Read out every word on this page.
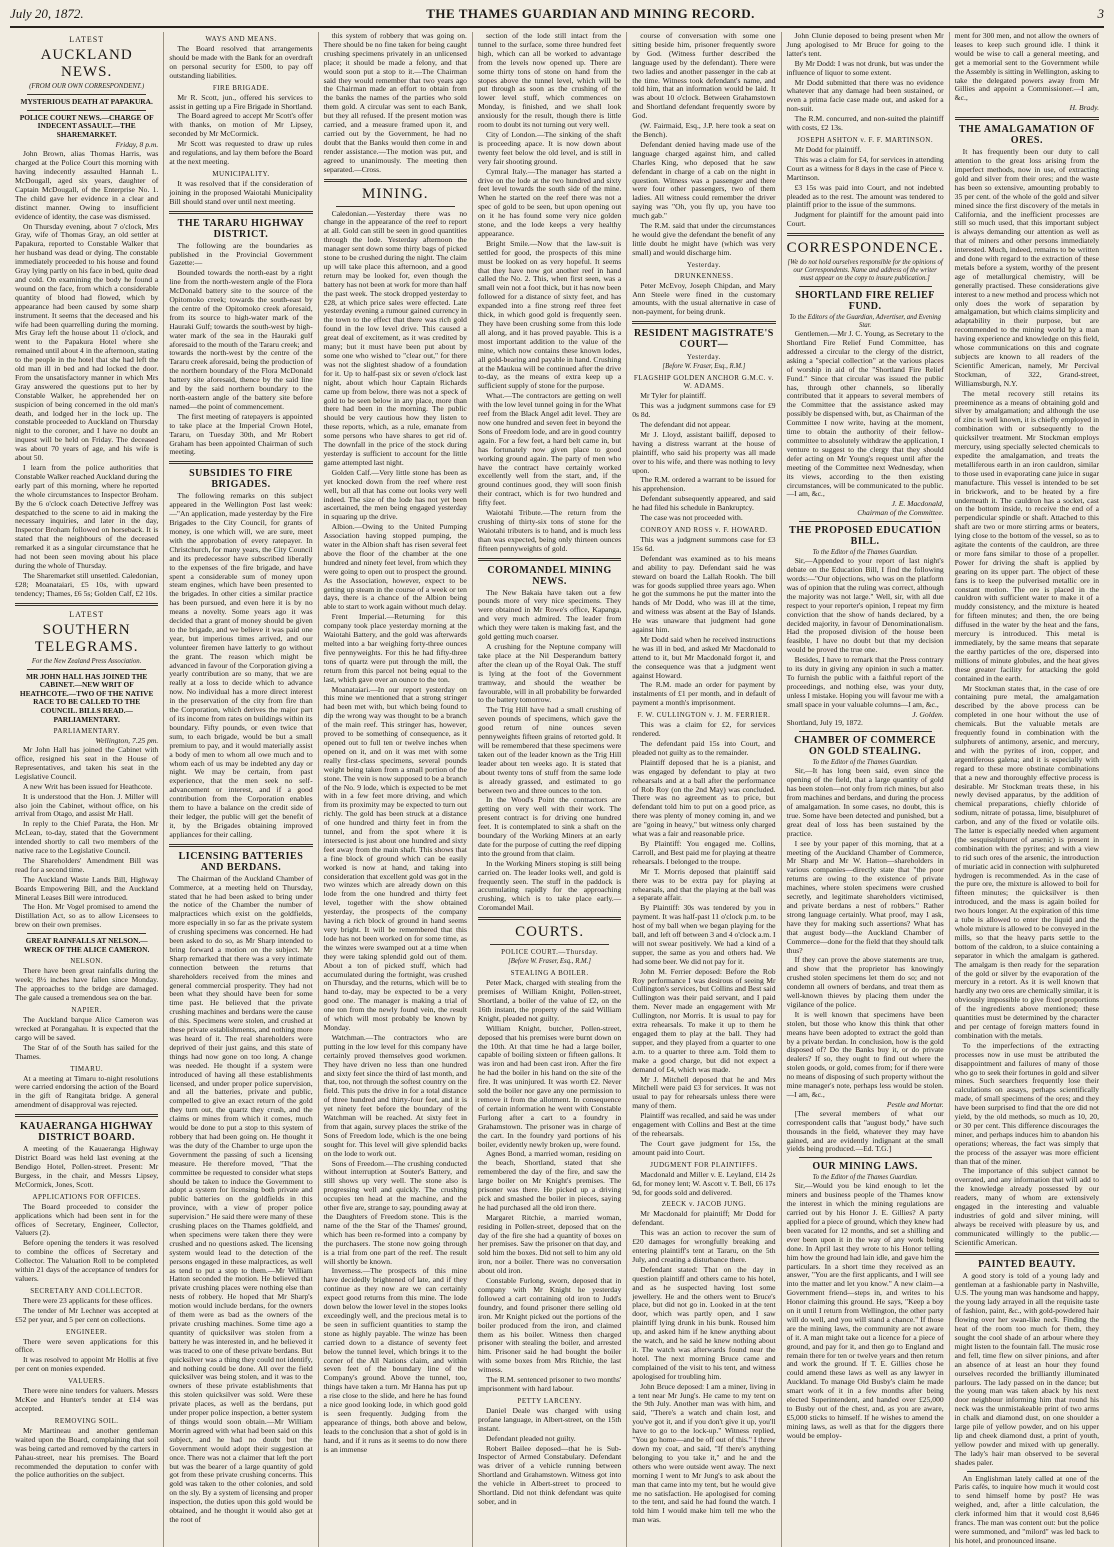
July 20, 1872.	THE THAMES GUARDIAN AND MINING RECORD.	3
LATEST
AUCKLAND NEWS.
(FROM OUR OWN CORRESPONDENT.)
MYSTERIOUS DEATH AT PAPAKURA.
POLICE COURT NEWS.—CHARGE OF INDECENT ASSAULT.—THE SHAREMARKET.
Friday, 8 p.m.

John Brown, alias Thomas Harris, was charged at the Police Court this morning with having indecently assaulted Hannah L. McDougall, aged six years, daughter of Captain McDougall, of the Enterprise No. 1. The child gave her evidence in a clear and distinct manner. Owing to insufficient evidence of identity, the case was dismissed.

On Thursday evening, about 7 o'clock, Mrs Gray, wife of Thomas Gray, an old settler at Papakura, reported to Constable Walker that her husband was dead or dying. The constable immediately proceeded to his house and found Gray lying partly on his face in bed, quite dead and cold. On examining the body he found a wound on the face, from which a considerable quantity of blood had flowed, which by appearance had been caused by some sharp instrument. It seems that the deceased and his wife had been quarrelling during the morning. Mrs Gray left the house about 11 o'clock, and went to the Papakura Hotel where she remained until about 4 in the afternoon, stating to the people in the hotel that she had left the old man ill in bed and had locked the door. From the unsatisfactory manner in which Mrs Gray answered the questions put to her by Constable Walker, he apprehended her on suspicion of being concerned in the old man's death, and lodged her in the lock up. The constable proceeded to Auckland on Thursday night to the coroner, and I have no doubt an inquest will be held on Friday. The deceased was about 70 years of age, and his wife is about 50.

I learn from the police authorities that Constable Walker reached Auckland during the early part of this morning, where he reported the whole circumstances to Inspector Broham. By the 6 o'clock coach Detective Jeffrey was despatched to the scene to aid in making the necessary inquiries, and later in the day, Inspector Broham followed on horseback. It is stated that the neighbours of the deceased remarked it as a singular circumstance that he had not been seen moving about his place during the whole of Thursday.

The Sharemarket still unsettled. Caledonian, £28; Moanataiari, £5 10s, with upward tendency; Thames, £6 5s; Golden Calf, £2 10s.

LATEST
SOUTHERN TELEGRAMS.
For the New Zealand Press Association.
MR JOHN HALL HAS JOINED THE CABINET.—NEW WRIT OF HEATHCOTE.—TWO OF THE NATIVE RACE TO BE CALLED TO THE COUNCIL. BILLS READ.—PARLIAMENTARY.
PARLIAMENTARY.
Wellington, 7.25 pm.

Mr John Hall has joined the Cabinet with office, resigned his seat in the House of Representatives, and taken his seat in the Legislative Council.

A new Writ has been issued for Heathcote.

It is understood that the Hon. J. Miller will also join the Cabinet, without office, on his arrival from Otago, and assist Mr Hall.

In reply to the Chief Parata, the Hon. Mr McLean, to-day, stated that the Government intended shortly to call two members of the native race to the Legislative Council.

The Shareholders' Amendment Bill was read for a second time.

The Auckland Waste Lands Bill, Highway Boards Empowering Bill, and the Auckland Mineral Leases Bill were introduced.

The Hon. Mr Vogel promised to amend the Distillation Act, so as to allow Licensees to brew on their own premises.

GREAT RAINFALLS AT NELSON.—WRECK OF THE ALICE CAMERON.
NELSON.

There have been great rainfalls during the week; 8½ inches have fallen since Monday. The approaches to the bridge are damaged. The gale caused a tremendous sea on the bar.

NAPIER.

The Auckland barque Alice Cameron was wrecked at Porangahau. It is expected that the cargo will be saved.

The Star of of the South has sailed for the Thames.

TIMARU.

At a meeting at Timaru to-night resolutions were carried endorsing the action of the Board in the gift of Rangitata bridge. A general amendment of disapproval was rejected.

KAUAERANGA HIGHWAY DISTRICT BOARD.

A meeting of the Kauaeranga Highway District Board was held last evening at the Bendigo Hotel, Pollen-street. Present: Mr Burgess, in the chair, and Messrs Lipsey, McCormick, Jones, Scott.

APPLICATIONS FOR OFFICES.

The Board proceeded to consider the applications which had been sent in for the offices of Secretary, Engineer, Collector, Valuers (2).

Before opening the tenders it was resolved to combine the offices of Secretary and Collector. The Valuation Roll to be completed within 21 days of the acceptance of tenders for valuers.

SECRETARY AND COLLECTOR.

There were 23 applicants for these offices.

The tender of Mr Lechner was accepted at £52 per year, and 5 per cent on collections.

ENGINEER.

There were seven applications for this office.

It was resolved to appoint Mr Hollis at five per cent on monies expended.

VALUERS.

There were nine tenders for valuers. Messrs McKee and Hunter's tender at £14 was accepted.

REMOVING SOIL.

Mr Martineau and another gentleman waited upon the Board, complaining that soil was being carted and removed by the carters in Pahau-street, near his premises. The Board recommended the deputation to confer with the police authorities on the subject.

WAYS AND MEANS.

The Board resolved that arrangements should be made with the Bank for an overdraft on personal security for £500, to pay off outstanding liabilities.

FIRE BRIGADE.

Mr R. Scott, jun., offered his services to assist in getting up a Fire Brigade in Shortland.

The Board agreed to accept Mr Scott's offer with thanks, on motion of Mr Lipsey, seconded by Mr McCormick.

Mr Scott was requested to draw up rules and regulations, and lay them before the Board at the next meeting.

MUNICIPALITY.

It was resolved that if the consideration of joining in the proposed Waiotahi Municipality Bill should stand over until next meeting.

THE TARARU HIGHWAY DISTRICT.

The following are the boundaries as published in the Provincial Government Gazette:—

Bounded towards the north-east by a right line from the north-western angle of the Flora McDonald battery site to the source of the Opitomoko creek; towards the south-east by the centre of the Opitomoko creek aforesaid, from its source to high-water mark of the Hauraki Gulf; towards the south-west by high-water mark of the sea in the Hauraki gulf aforesaid to the mouth of the Tararu creek; and towards the north-west by the centre of the Tararu creek aforesaid, being the production of the northern boundary of the Flora McDonald battery site aforesaid, thence by the said line and by the said northern boundary to the north-eastern angle of the battery site before named—the point of commencement.

The first meeting of ratepayers is appointed to take place at the Imperial Crown Hotel, Tararu, on Tuesday 30th, and Mr Robert Graham has been appointed Chairman of such meeting.

SUBSIDIES TO FIRE BRIGADES.

The following remarks on this subject appeared in the Wellington Post last week:—"An application, made yesterday by the Fire Brigades to the City Council, for grants of money, is one which will, we are sure, meet with the approbation of every ratepayer. In Christchurch, for many years, the City Council and its predecessor have subscribed liberally to the expenses of the fire brigade, and have spent a considerable sum of money upon steam engines, which have been presented to the brigades. In other cities a similar practice has been pursued, and even here it is by no means a novelty. Some years ago it was decided that a grant of money should be given to the brigade, and we believe it was paid one year, but imperious times arrived, and our volunteer firemen have latterly to go without the grant. The reason which might be advanced in favour of the Corporation giving a yearly contribution are so many, that we are really at a loss to decide which to advance now. No individual has a more direct interest in the preservation of the city from fire than the Corporation, which derives the major part of its income from rates on buildings within its boundary. Fifty pounds, or even twice that sum, to each brigade, would be but a small premium to pay, and it would materially assist a body of men to whom all owe much and to whom each of us may be indebted any day or night. We may be certain, from past experience, that the men seek no self-advancement or interest, and if a good contribution from the Corporation enables them to have a balance on the credit side of their ledger, the public will get the benefit of it, by the Brigades obtaining improved appliances for their calling.

LICENSING BATTERIES AND BERDANS.

The Chairman of the Auckland Chamber of Commerce, at a meeting held on Thursday, stated that he had been asked to bring under the notice of the Chamber the number of malpractices which exist on the goldfields, more especially in so far as the private system of crushing specimens was concerned. He had been asked to do so, as Mr Sharp intended to bring forward a motion on the subject. Mr Sharp remarked that there was a very intimate connection between the returns that shareholders received from the mines and general commercial prosperity. They had not been what they should have been for some time past. He believed that the private crushing machines and berdans were the cause of this. Specimens were stolen, and crushed at these private establishments, and nothing more was heard of it. The real shareholders were deprived of their just gains, and this state of things had now gone on too long. A change was needed. He thought if a system were introduced of having all these establishments licensed, and under proper police supervision, and all the batteries, private and public, compelled to give an exact return of the gold they turn out, the quartz they crush, and the claims or mines from which it comes, much would be done to put a stop to this system of robbery that had been going on. He thought it was the duty of the Chamber to urge upon the Government the passing of such a licensing measure. He therefore moved, "That the committee be requested to consider what steps should be taken to induce the Government to adopt a system for licensing both private and public batteries on the goldfields in this province, with a view of proper police supervision." He said there were many of these crushing places on the Thames goldfield, and when specimens were taken there they were crushed and no questions asked. The licensing system would lead to the detection of the persons engaged in these malpractices, as well as tend to put a stop to them.—Mr William Hatton seconded the motion. He believed that private crushing places were nothing else than nests of robbery. He hoped that Mr Sharp's motion would include berdans, for the owners of them were as bad as the owners of the private crushing machines. Some time ago a quantity of quicksilver was stolen from a battery he was interested in, and he believed it was traced to one of these private berdans. But quicksilver was a thing they could not identify, and nothing could be done. All over the field quicksilver was being stolen, and it was to the owners of these private establishments that this stolen quicksilver was sold. Were these private places, as well as the berdans, put under proper police inspection, a better system of things would soon obtain.—Mr William Morrin agreed with what had been said on this subject, and he had no doubt but the Government would adopt their suggestion at once. There was not a claimer that left the port but was the bearer of a large quantity of gold got from these private crushing concerns. This gold was taken to the other colonies, and sold on the sly. By a system of licensing and proper inspection, the duties upon this gold would be obtained, and he thought it would also get at the root of

this system of robbery that was going on. There should be no fine taken for being caught crushing specimens privately in an unlicensed place; it should be made a felony, and that would soon put a stop to it.—The Chairman said they would remember that two years ago the Chairman made an effort to obtain from the banks the names of the parties who sold them gold. A circular was sent to each Bank, but they all refused. If the present motion was carried, and a measure framed upon it, and carried out by the Government, he had no doubt that the Banks would then come in and render assistance.—The motion was put, and agreed to unanimously. The meeting then separated.—Cross.

MINING.

Caledonian.—Yesterday there was no change in the appearance of the reef to report at all. Gold can still be seen in good quantities through the lode. Yesterday afternoon the manager sent down some thirty bags of picked stone to be crushed during the night. The claim up will take place this afternoon, and a good return may be looked for, even though the battery has not been at work for more than half the past week. The stock dropped yesterday to £28, at which price sales were effected. Late yesterday evening a rumour gained currency in the town to the effect that there was rich gold found in the low level drive. This caused a great deal of excitement, as it was credited by many; but it must have been put about by some one who wished to "clear out," for there was not the slightest shadow of a foundation for it. Up to half-past six or seven o'clock last night, about which hour Captain Richards came up from below, there was not a speck of gold to be seen below in any place, more than there had been in the morning. The public should be very cautious how they listen to these reports, which, as a rule, emanate from some persons who have shares to get rid of. The downfall in the price of the stock during yesterday is sufficient to account for the little game attempted last night.

Golden Calf.—Very little stone has been as yet knocked down from the reef where rest well, but all that has come out looks very well indeed. The size of the lode has not yet been ascertained, the men being engaged yesterday in squaring up the drive.

Albion.—Owing to the United Pumping Association having stopped pumping, the water in the Albion shaft has risen several feet above the floor of the chamber at the one hundred and ninety feet level, from which they were going to open out to prospect the ground. As the Association, however, expect to be getting up steam in the course of a week or ten days, there is a chance of the Albion being able to start to work again without much delay.

Frent Imperial.—Returning for this company took place yesterday morning at the Waiotahi Battery, and the gold was afterwards melted into a bar weighing forty-three ounces five pennyweights. For this he had fifty-three tons of quartz were put through the mill, the return from this parcel not being equal to the last, which gave over an ounce to the ton.

Moanataiari.—In our report yesterday on this mine we mentioned that a strong stringer had been met with, but which being found to dip the wrong way was thought to be a branch of the main reef. This stringer has, however, proved to be something of consequence, as it opened out to full ten or twelve inches when opened on it, and on it was met with some really first-class specimens, several pounds weight being taken from a small portion of the stone. The vein is now supposed to be a branch of the No. 9 lode, which is expected to be met with in a few feet more driving, and which from its proximity may be expected to turn out richly. The gold has been struck at a distance of one hundred and thirty feet in from the tunnel, and from the spot where it is intersected is just about one hundred and sixty feet away from the main shaft. This shows that a fine block of ground which can be easily worked is now at hand, and taking into consideration that excellent gold was got in the two winzes which are already down on this lode from the one hundred and thirty feet level, together with the show obtained yesterday, the prospects of the company having a rich block of ground in hand seems very bright. It will be remembered that this lode has not been worked on for some time, as the winzes were swamped out at a time when they were taking splendid gold out of them. About a ton of picked stuff, which had accumulated during the fortnight, was crushed on Thursday, and the returns, which will be to hand to-day, may be expected to be a very good one. The manager is making a trial of one ton from the newly found vein, the result of which will most probably be known by Monday.

Watchman.—The contractors who are putting in the low level for this company have certainly proved themselves good workmen. They have driven no less than one hundred and sixty feet since the third of last month, and that, too, not through the softest country on the field. This puts the drive in for a total distance of three hundred and thirty-four feet, and it is yet ninety feet before the boundary of the Watchman will be reached. At sixty feet in from that again, survey places the strike of the Sons of Freedom lode, which is the one being sought for. This level will give splendid backs on the lode to work out.

Sons of Freedom.—The crushing conducted without interruption at Souter's Battery, and still shows up very well. The stone also is progressing well and quickly. The crushing occupies ten head at the machine, and the other five are, strange to say, pounding away at the Daughters of Freedom stone. This is the name of the the Star of the Thames' ground, which has been re-formed into a company by the purchasers. The stone now going through is a trial from one part of the reef. The result will shortly be known.

Inverness.—The prospects of this mine have decidedly brightened of late, and if they continue as they now are we can certainly expect good returns from this mine. The lode down below the lower level in the stopes looks exceedingly well, and the precious metal is to be seen in sufficient quantities to stamp the stone as highly payable. The winze has been carried down to a distance of seventy feet below the tunnel level, which brings it to the corner of the All Nations claim, and within seven feet of the boundary line of the Company's ground. Above the tunnel, too, things have taken a turn. Mr Hanna has put up a rise close to the slide, and here he has found a nice good looking lode, in which good gold is seen frequently. Judging from the appearance of things, both above and below, leads to the conclusion that a shot of gold is in hand, and if it runs as it seems to do now there is an immense

section of the lode still intact from the tunnel to the surface, some three hundred feet high, which can all be worked to advantage from the levels now opened up. There are some thirty tons of stone on hand from the stopes above the tunnel level, which will be put through as soon as the crushing of the lower level stuff, which commences on Monday, is finished, and we shall look anxiously for the result, though there is little room to doubt its not turning out very well.

City of London.—The sinking of the shaft is proceeding apace. It is now down about twenty feet below the old level, and is still in very fair shooting ground.

Cymral Italy.—The manager has started a drive on the lode at the two hundred and sixty feet level towards the south side of the mine. When he started on the reef there was not a spec of gold to be seen, but upon opening out on it he has found some very nice golden stone, and the lode keeps a very healthy appearance.

Bright Smile.—Now that the law-suit is settled for good, the prospects of this mine must be looked on as very hopeful. It seems that they have now got another reef in hand called the No. 2. This, when first seen, was a small vein not a foot thick, but it has now been followed for a distance of sixty feet, and has expanded into a fine strong reef three feet thick, in which good gold is frequently seen. They have been crushing some from this lode all along, and it has proved payable. This is a most important addition to the value of the mine, which now contains these known lodes, all gold-bearing and payable in hand. Crushing at the Maukua will be continued after the drive to-day, as the means of extra keep up a sufficient supply of stone for the purpose.

What.—The contractors are getting on well with the low level tunnel going in for the What reef from the Black Angel adit level. They are now one hundred and seven feet in beyond the Sons of Freedom lode, and are in good country again. For a few feet, a hard belt came in, but has fortunately now given place to good working ground again. The party of men who have the contract have certainly worked excellently well from the start, and, if the ground continues good, they will soon finish their contract, which is for two hundred and fifty feet.

Waiotahi Tribute.—The return from the crushing of thirty-six tons of stone for the Waiotahi tributers is to hand, and is much less than was expected, being only thirteen ounces fifteen pennyweights of gold.

COROMANDEL MINING NEWS.

The New Bakaia have taken out a few pounds more of very nice specimens. They were obtained in Mr Rowe's office, Kapanga, and very much admired. The leader from which they were taken is making fast, and the gold getting much coarser.

A crushing for the Neptune company will take place at the Nil Desperandum battery after the clean up of the Royal Oak. The stuff is lying at the foot of the Government tramway, and should the weather be favourable, will in all probability be forwarded to the battery tomorrow.

The Trig Hill have had a small crushing of seven pounds of specimens, which gave the good return of nine ounces seven pennyweights fifteen grains of retorted gold. It will be remembered that these specimens were taken out of the leader known as the Trig Hill leader about ten weeks ago. It is stated that about twenty tons of stuff from the same lode is already grassed, and estimated to go between two and three ounces to the ton.

In the Wood's Point the contractors are getting on very well with their work. The present contract is for driving one hundred feet. It is contemplated to sink a shaft on the boundary of the Working Miners at an early date for the purpose of cutting the reef dipping into the ground from that claim.

In the Working Miners stoping is still being carried on. The leader looks well, and gold is frequently seen. The stuff in the paddock is accumulating rapidly for the approaching crushing, which is to take place early.—Coromandel Mail.

COURTS.
POLICE COURT.—Thursday.
[Before W. Fraser, Esq., R.M.]
STEALING A BOILER.

Peter Mack, charged with stealing from the premises of William Knight, Pollen-street, Shortland, a boiler of the value of £2, on the 16th instant, the property of the said William Knight, pleaded not guilty.

William Knight, butcher, Pollen-street, deposed that his premises were burnt down on the 10th. At that time he had a large boiler, capable of boiling sixteen or fifteen gallons. It was iron and had been cast iron. After the fire he had the boiler in his hand on the site of the fire. It was uninjured. It was worth £2. Never sold the boiler nor gave any one permission to remove it from the allotment. In consequence of certain information he went with Constable Furlong after a cart to a foundry in Grahamstown. The prisoner was in charge of the cart. In the foundry yard portions of his boiler, evidently newly broken up, were found.

Agnes Bond, a married woman, residing on the beach, Shortland, stated that she remembered the day of the fire, and saw the large boiler on Mr Knight's premises. The prisoner was there. He picked up a driving pick and smashed the boiler in pieces, saying he had purchased all the old iron there.

Margaret Ritchie, a married woman, residing in Pollen-street, deposed that on the day of the fire she had a quantity of boxes on her premises. Saw the prisoner on that day, and sold him the boxes. Did not sell to him any old iron, nor a boiler. There was no conversation about old iron.

Constable Furlong, sworn, deposed that in company with Mr Knight he yesterday followed a cart containing old iron to Judd's foundry, and found prisoner there selling old iron. Mr Knight picked out the portions of the boiler produced from the iron, and claimed them as his boiler. Witness then charged prisoner with stealing the boiler, and arrested him. Prisoner said he had bought the boiler with some boxes from Mrs Ritchie, the last witness.

The R.M. sentenced prisoner to two months' imprisonment with hard labour.

PETTY LARCENY.

Daniel Deale was charged with using profane language, in Albert-street, on the 15th instant.

Defendant pleaded not guilty.

Robert Bailee deposed—that he is Sub-Inspector of Armed Constabulary. Defendant was driver of a vehicle running between Shortland and Grahamstown. Witness got into the vehicle in Albert-street to proceed to Shortland. Did not think defendant was quite sober, and in

course of conversation with some one sitting beside him, prisoner frequently swore by God. (Witness further described the language used by the defendant). There were two ladies and another passenger in the cab at the time. Witness took defendant's name, and told him, that an information would be laid. It was about 10 o'clock. Between Grahamstown and Shortland defendant frequently swore by God.

(W. Fairmaid, Esq., J.P. here took a seat on the Bench).

Defendant denied having made use of the language charged against him, and called Charles King, who deposed that he saw defendant in charge of a cab on the night in question. Witness was a passenger and there were four other passengers, two of them ladies. All witness could remember the driver saying was "Oh, you fly up, you have too much gab."

The R.M. said that under the circumstances he would give the defendant the benefit of any little doubt he might have (which was very small) and would discharge him.

Yesterday.
DRUNKENNESS.

Peter McEvoy, Joseph Chipdan, and Mary Ann Steele were fined in the customary amounts, with the usual alternative in case of non-payment, for being drunk.

RESIDENT MAGISTRATE'S COURT—
Yesterday.
[Before W. Fraser, Esq., R.M.]
FLAGSHIP GOLDEN ANCHOR G.M.C. v. W. ADAMS.

Mr Tyler for plaintiff.

This was a judgment summons case for £9 0s 8d.

The defendant did not appear.

Mr J. Lloyd, assistant bailiff, deposed to having a distress warrant at the house of plaintiff, who said his property was all made over to his wife, and there was nothing to levy upon.

The R.M. ordered a warrant to be issued for his apprehension.

Defendant subsequently appeared, and said he had filed his schedule in Bankruptcy.

The case was not proceeded with.

CONROY AND ROSS v. F. HOWARD.

This was a judgment summons case for £3 15s 6d.

Defendant was examined as to his means and ability to pay. Defendant said he was steward on board the Lallah Rookh. The bill was for goods supplied three years ago. When he got the summons he put the matter into the hands of Mr Dodd, who was ill at the time, and witness was absent at the Bay of Islands. He was unaware that judgment had gone against him.

Mr Dodd said when he received instructions he was ill in bed, and asked Mr Macdonald to attend to it, but Mr Macdonald forgot it, and the consequence was that a judgment went against Howard.

The R.M. made an order for payment by instalments of £1 per month, and in default of payment a month's imprisonment.

F. W. CULLINGTON v. J. M. FERRIER.

This was a claim for £2, for services rendered.

The defendant paid 15s into Court, and pleaded not guilty as to the remainder.

Plaintiff deposed that he is a pianist, and was engaged by defendant to play at two rehearsals and at a ball after the performance of Rob Roy (on the 2nd May) was concluded. There was no agreement as to price, but defendant told him to put on a good price, as there was plenty of money coming in, and we are "going in heavy," but witness only charged what was a fair and reasonable price.

By Plaintiff: You engaged me. Collins, Carroll, and Best paid me for playing at theatre rehearsals. I belonged to the troupe.

Mr T. Morris deposed that plaintiff said there was to be extra pay for playing at rehearsals, and that the playing at the ball was a separate affair.

By Plaintiff: 30s was tendered by you in payment. It was half-past 11 o'clock p.m. to be host of my ball when we began playing for the ball, and left off between 3 and 4 o'clock a.m. I will not swear positively. We had a kind of a supper, the same as you and others had. We had some beer. We did not pay for it.

John M. Ferrier deposed: Before the Rob Roy performance I was desirous of seeing Mr Cullington's services, but Collins and Best said Cullington was their paid servant, and I paid them. Never made an engagement with Mr Cullington, nor Morris. It is usual to pay for extra rehearsals. To make it up to them he engaged them to play at the ball. They had supper, and they played from a quarter to one a.m. to a quarter to three a.m. Told them to make a good charge, but did not expect a demand of £4, which was made.

Mr J. Mitchell deposed that he and Mrs Mitchell were paid £3 for services. It was not usual to pay for rehearsals unless there were many of them.

Plaintiff was recalled, and said he was under engagement with Collins and Best at the time of the rehearsals.

The Court gave judgment for 15s, the amount paid into Court.

JUDGMENT FOR PLAINTIFFS.

Macdonald and Miller v. E. Leyland, £14 2s 6d, for money lent; W. Ascott v. T. Bell, £6 17s 9d, for goods sold and delivered.

ZEECK v. JACOB JUNG.

Mr Macdonald for plaintiff; Mr Dodd for defendant.

This was an action to recover the sum of £20 damages for wrongfully breaking and entering plaintiff's tent at Tararu, on the 5th July, and creating a disturbance there.

Defendant stated: That on the day in question plaintiff and others came to his hotel, and as he suspected having lost some jewellery. He and the others went to Bruce's place, but did not go in. Looked in at the tent door, which was partly open, and I saw plaintiff lying drunk in his bunk. Roused him up, and asked him if he knew anything about the watch, and he said he knew nothing about it. The watch was afterwards found near the hotel. The next morning Bruce came and complained of the visit to his tent, and witness apologised for troubling him.

John Bruce deposed: I am a miner, living in a tent near Mr Jung's. He came to my tent on the 9th July. Another man was with him, and said, "There's a watch and chain lost, and you've got it, and if you don't give it up, you'll have to go to the lock-up." Witness replied, "You go home—and be off out of this." I threw down my coat, and said, "If there's anything belonging to you take it," and he and the others who were outside went away. The next morning I went to Mr Jung's to ask about the man that came into my tent, but he would give me no satisfaction. He apologised for coming to the tent, and said he had found the watch. I told him I would make him tell me who the man was.

John Clunie deposed to being present when Mr Jung apologised to Mr Bruce for going to the latter's tent.

By Mr Dodd: I was not drunk, but was under the influence of liquor to some extent.

Mr Dodd submitted that there was no evidence whatever that any damage had been sustained, or even a prima facie case made out, and asked for a non-suit.

The R.M. concurred, and non-suited the plaintiff with costs, £2 13s.

JOSEPH ASHTON v. F. F. MARTINSON.

Mr Dodd for plaintiff.

This was a claim for £4, for services in attending Court as a witness for 8 days in the case of Piece v. Martinson.

£3 15s was paid into Court, and not indebted pleaded as to the rest. The amount was tendered to plaintiff prior to the issue of the summons.

Judgment for plaintiff for the amount paid into Court.

CORRESPONDENCE.
[We do not hold ourselves responsible for the opinions of our Correspondents. Name and address of the writer must appear on the copy to insure publication.]
SHORTLAND FIRE RELIEF FUND.
To the Editors of the Guardian, Advertiser, and Evening Star.

Gentlemen.—Mr J. C. Young, as Secretary to the Shortland Fire Relief Fund Committee, has addressed a circular to the clergy of the district, asking a "special collection" at the various places of worship in aid of the "Shortland Fire Relief Fund." Since that circular was issued the public has, through other channels, so liberally contributed that it appears to several members of the Committee that the assistance asked may possibly be dispensed with, but, as Chairman of the Committee I now write, having at the moment, time to obtain the authority of their fellow-committee to absolutely withdraw the application, I venture to suggest to the clergy that they should defer acting on Mr Young's request until after the meeting of the Committee next Wednesday, when its views, according to the then existing circumstances, will be communicated to the public.—I am, &c.,

J. E. Macdonald,
Chairman of the Committee.
THE PROPOSED EDUCATION BILL.
To the Editor of the Thames Guardian.

Sir,—Appended to your report of last night's debate on the Education Bill, I find the following words:—"Our objections, who was on the platform was of opinion that the ruling was correct, although the majority was not large." Well, sir, with all due respect to your reporter's opinion, I repeat my firm conviction that the show of hands declared, by a decided majority, in favour of Denominationalism. Had the proposed division of the house been feasible, I have no doubt but that my decision would be proved the true one.

Besides, I have to remark that the Press contrary to its duty in giving any opinion in such a matter. To furnish the public with a faithful report of the proceedings, and nothing else, was your duty, unless I mistake. Hoping you will favour me with a small space in your valuable columns—I am, &c.,

J. Golden.

Shortland, July 19, 1872.

CHAMBER OF COMMERCE ON GOLD STEALING.
To the Editor of the Thames Guardian.

Sir,—It has long been said, even since the opening of the field, that a large quantity of gold has been stolen—not only from rich mines, but also from machines and berdans, and during the process of amalgamation. In some cases, no doubt, this is true. Some have been detected and punished, but a great deal of loss has been sustained by the practice.

I see by your paper of this morning, that at a meeting of the Auckland Chamber of Commerce, Mr Sharp and Mr W. Hatton—shareholders in various companies—directly state that "the poor returns are owing to the existence of private machines, where stolen specimens were crushed secretly, and legitimate shareholders victimised, and private berdans a nest of robbers." Rather strong language certainly. What proof, may I ask, have they for making such assertions? What has that august body—the Auckland Chamber of Commerce—done for the field that they should talk thus?

If they can prove the above statements are true, and show that the proprietor has knowingly crushed stolen specimens let them do so; and not condemn all owners of berdans, and treat them as well-known thieves by placing them under the vigilance of the police.

It is well known that specimens have been stolen, but those who know this think that other means have been adopted to extract the gold than by a private berdan. In conclusion, how is the gold disposed of? Do the Banks buy it, or do private dealers? If so, they ought to find out where the stolen goods, or gold, comes from; for if there were no means of disposing of such property without the mine manager's note, perhaps less would be stolen.—I am, &c.,

Pestle and Mortar.

[The several members of what our correspondent calls that "august body," have such thousands in the field, whatever they may have gained, and are evidently indignant at the small yields being produced.—Ed. T.G.]

OUR MINING LAWS.
To the Editor of the Thames Guardian.

Sir,—Would you be kind enough to let the miners and business people of the Thames know the interest in which the mining regulations are carried out by his Honor J. E. Gillies? A party applied for a piece of ground, which they knew had been vacated for 12 months, and set a shilling and ever been upon it in the way of any work being done. In April last they wrote to his Honor telling him how the ground had lain idle, and gave him the particulars. In a short time they received as an answer, "You are the first applicants, and I will see into the matter and let you know." A new claim—a Government friend—steps in, and writes to his Honor claiming this ground. He says, "Keep a boy on it until I return from Wellington, the other party will do well, and you will stand a chance." If those are the mining laws, the community are not aware of it. A man might take out a licence for a piece of ground, and pay for it, and then go to England and remain there for ten or twelve years and then return and work the ground. If T. E. Gillies chose he could amend these laws as well as any lawyer in Auckland. To manage Old Busby's claim he made smart work of it in a few months after being elected Superintendent, and handed over £25,000 to Busby out of the chest, and, as you are aware, £5,000 sticks to himself. If he wishes to amend the mining laws, as well as that for the diggers there would be employ-

ment for 300 men, and not allow the owners of leases to keep such ground idle. I think it would be wise to call a general meeting, and get a memorial sent to the Government while the Assembly is sitting in Wellington, asking to take the delegated powers away from Mr Gillies and appoint a Commissioner.—I am, &c.,

H. Brady.
THE AMALGAMATION OF ORES.

It has frequently been our duty to call attention to the great loss arising from the imperfect methods, now in use, of extracting gold and silver from their ores; and the waste has been so extensive, amounting probably to 35 per cent. of the whole of the gold and silver mined since the first discovery of the metals in California, and the inefficient processes are still so much used, that this important subject is always demanding our attention as well as that of miners and other persons immediately interested. Much, indeed, remains to be written and done with regard to the extraction of these metals before a system, worthy of the present age of metallurgical chemistry, will be generally practised. These considerations give interest to a new method and process which not only does the work of separation by amalgamation, but which claims simplicity and adaptability in their purpose, but are recommended to the mining world by a man having experience and knowledge on this field, whose communications on this and cognate subjects are known to all readers of the Scientific American, namely, Mr Percival Stockman, of 322, Grand-street, Williamsburgh, N.Y.

The metal recovery still retains its preeminence as a means of obtaining gold and silver by amalgamation; and although the use of zinc is well known, it is chiefly employed in combination with or subsequently to the quicksilver treatment. Mr Stockman employs mercury, using specially selected chemicals to expedite the amalgamation, and treats the metalliferous earth in an iron cauldron, similar to those used in evaporating cane juice in sugar manufacture. This vessel is intended to be set in brickwork, and to be heated by a fire underneath it. The cauldron has a socket, cast on the bottom inside, to receive the end of a perpendicular spindle or shaft. Attached to this shaft are two or more stirring arms or beaters, lying close to the bottom of the vessel, so as to agitate the contents of the cauldron, are three or more fans similar to those of a propeller. Power for driving the shaft is applied by gearing on its upper part. The object of these fans is to keep the pulverised metallic ore in constant motion. The ore is placed in the cauldron with sufficient water to make it of a muddy consistency, and the mixture is heated for fifteen minutes; and then, the ore being diffused in the water by the heat and the fans, mercury is introduced. This metal is immediately, by the same means that separate the earthy particles of the ore, dispersed into millions of minute globules, and the heat gives these greater facility for attacking the gold contained in the earth.

Mr Stockman states that, in the case of ore containing pure metal, the amalgamation described by the above process can be completed in one hour without the use of chemicals. But the valuable metals are frequently found in combination with the sulphurets of antimony, arsenic, and mercury, and with the pyrites of iron, copper, and argentiferous galena; and it is especially with regard to these more obstinate combinations that a new and thoroughly effective process is desirable. Mr Stockman treats these, in his newly devised apparatus, by the addition of chemical preparations, chiefly chloride of sodium, nitrate of potassa, lime, bisulphuret of carbon, and any of the fixed or volatile oils. The latter is especially needed when argument (the sesquisulphuret of arsenic) is present in combination with the pyrites; and with a view to rid such ores of the arsenic, the introduction of muriatic acid in connection with sulphureted hydrogen is recommended. As in the case of the pure ore, the mixture is allowed to boil for fifteen minutes; the quicksilver is then introduced, and the mass is again boiled for two hours longer. At the expiration of this time a tube is allowed to enter the liquid and the whole mixture is allowed to be conveyed in the mills, so that the heavy parts settle to the bottom of the caldron, to a sluice containing a separator in which the amalgam is gathered. The amalgam is then ready for the separation of the gold or silver by the evaporation of the mercury in a retort. As it is well known that hardly any two ores are chemically similar, it is obviously impossible to give fixed proportions of the ingredients above mentioned; these quantities must be determined by the character and per centage of foreign matters found in combination with the metals.

To the imperfections of the extracting processes now in use must be attributed the disappointment and failures of many of those who go to seek their fortunes in gold and silver mines. Such searchers frequently lose their calculations on assays, perhaps scientifically made, of small specimens of the ores; and they have been surprised to find that the ore did not yield, by the old methods, so much as 10, 20, or 30 per cent. This difference discourages the miner, and perhaps induces him to abandon his operations; whereas, the fact was simply that the process of the assayer was more efficient than that of the miner.

The importance of this subject cannot be overrated, and any information that will add to the knowledge already possessed by our readers, many of whom are extensively engaged in the interesting and valuable industries of gold and silver mining, will always be received with pleasure by us, and communicated willingly to the public.—Scientific American.

PAINTED BEAUTY.

A good story is told of a young lady and gentleman at a fashionable party in Nashville, U.S. The young man was handsome and happy, the young lady arrayed in all the requisite taste of fashion, paint, &c., with gold-powdered hair flowing over her swan-like neck. Finding the heat of the room too much for them, they sought the cool shade of an arbour where they might listen to the fountain fall. The music rose and fell, time flew on silver pinions, and after an absence of at least an hour they found ourselves recorded the brilliantly illuminated parlours. The lady passed on in the dance; but the young man was taken aback by his next door neighbour informing him that round his neck was the unmistakeable print of two arms in chalk and diamond dust, on one shoulder a large pile of yellow powder, and on his upper lip and cheek diamond dust, a print of youth, yellow powder and mixed with up generally. The lady's hair man observed to be several shades paler.

An Englishman lately called at one of the Paris cafés, to inquire how much it would cost to send himself home by post? He was weighed, and, after a little calculation, the clerk informed him that it would cost 8,646 francs. The man was content out: but the police were summoned, and "milord" was led back to his hotel, and pronounced insane.
